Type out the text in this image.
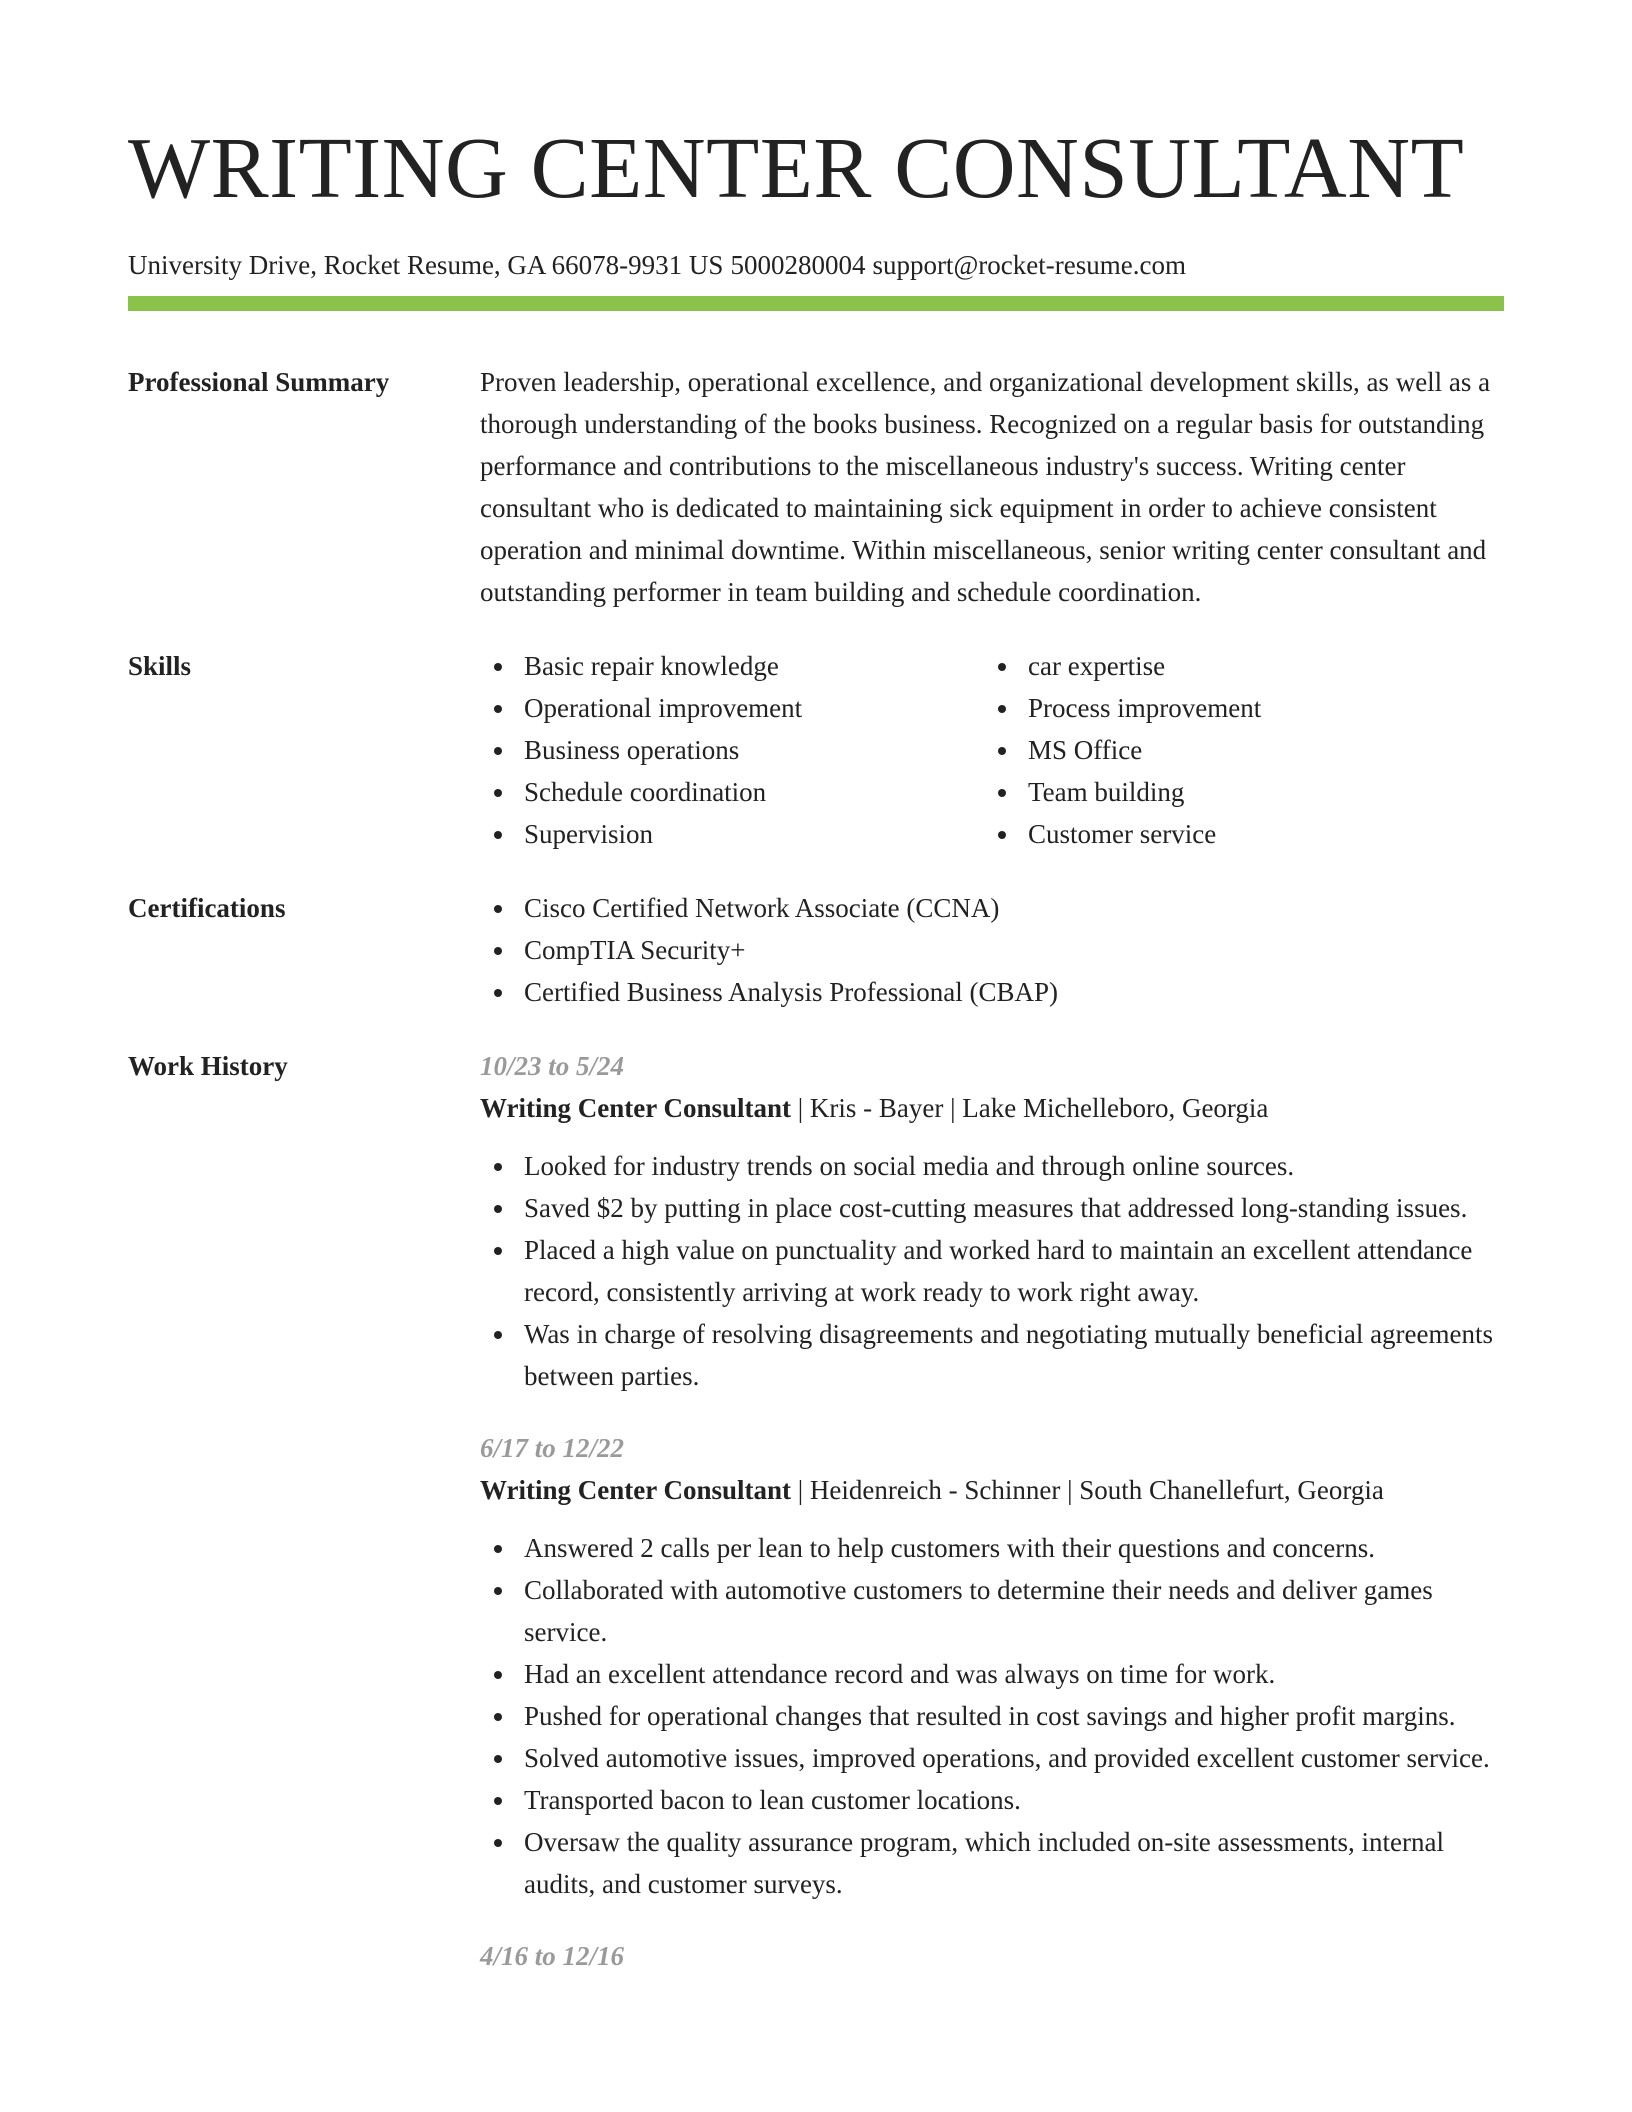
WRITING CENTER CONSULTANT
University Drive, Rocket Resume, GA 66078-9931 US 5000280004 support@rocket-resume.com
Professional Summary	Proven leadership, operational excellence, and organizational development skills, as well as a thorough understanding of the books business. Recognized on a regular basis for outstanding performance and contributions to the miscellaneous industry's success. Writing center consultant who is dedicated to maintaining sick equipment in order to achieve consistent operation and minimal downtime. Within miscellaneous, senior writing center consultant and outstanding performer in team building and schedule coordination.
Skills	Basic repair knowledge
Operational improvement
Business operations
Schedule coordination
Supervision
car expertise
Process improvement
MS Office
Team building
Customer service
Certifications	Cisco Certified Network Associate (CCNA)
CompTIA Security+
Certified Business Analysis Professional (CBAP)
Work History	10/23 to 5/24
Writing Center Consultant | Kris - Bayer | Lake Michelleboro, Georgia
Looked for industry trends on social media and through online sources.
Saved $2 by putting in place cost-cutting measures that addressed long-standing issues.
Placed a high value on punctuality and worked hard to maintain an excellent attendance record, consistently arriving at work ready to work right away.
Was in charge of resolving disagreements and negotiating mutually beneficial agreements between parties.
6/17 to 12/22
Writing Center Consultant | Heidenreich - Schinner | South Chanellefurt, Georgia
Answered 2 calls per lean to help customers with their questions and concerns.
Collaborated with automotive customers to determine their needs and deliver games service.
Had an excellent attendance record and was always on time for work.
Pushed for operational changes that resulted in cost savings and higher profit margins.
Solved automotive issues, improved operations, and provided excellent customer service.
Transported bacon to lean customer locations.
Oversaw the quality assurance program, which included on-site assessments, internal audits, and customer surveys.
4/16 to 12/16
